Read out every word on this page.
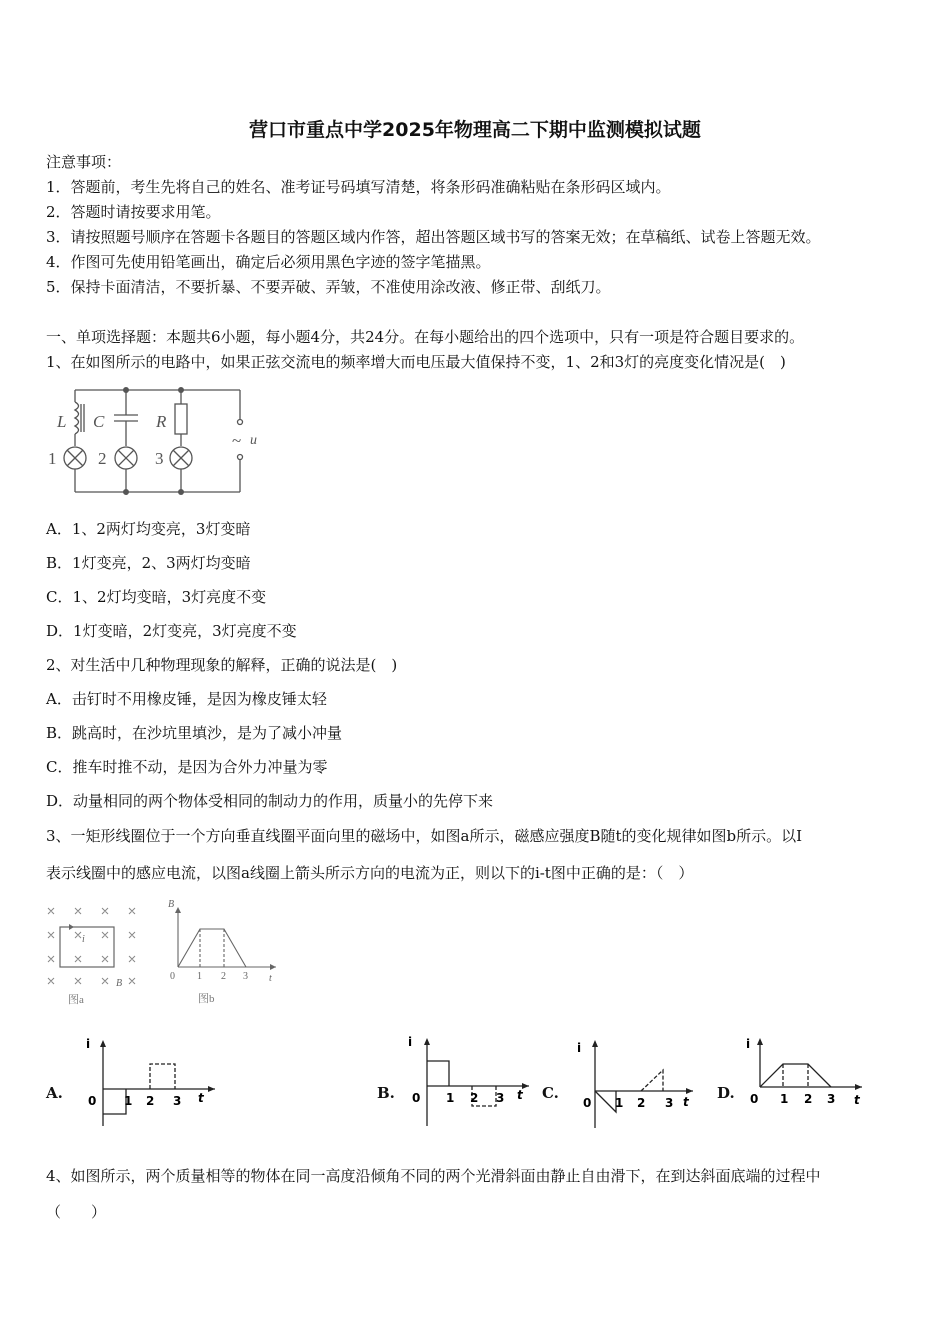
营口市重点中学2025年物理高二下期中监测模拟试题
注意事项：
1．答题前，考生先将自己的姓名、准考证号码填写清楚，将条形码准确粘贴在条形码区域内。
2．答题时请按要求用笔。
3．请按照题号顺序在答题卡各题目的答题区域内作答，超出答题区域书写的答案无效；在草稿纸、试卷上答题无效。
4．作图可先使用铅笔画出，确定后必须用黑色字迹的签字笔描黑。
5．保持卡面清洁，不要折暴、不要弄破、弄皱，不准使用涂改液、修正带、刮纸刀。
一、单项选择题：本题共6小题，每小题4分，共24分。在每小题给出的四个选项中，只有一项是符合题目要求的。
1、在如图所示的电路中，如果正弦交流电的频率增大而电压最大值保持不变，1、2和3灯的亮度变化情况是(　)
L C	R
1 2	3
~ u
A．1、2两灯均变亮，3灯变暗
B．1灯变亮，2、3两灯均变暗
C．1、2灯均变暗，3灯亮度不变
D．1灯变暗，2灯变亮，3灯亮度不变
2、对生活中几种物理现象的解释，正确的说法是(　)
A．击钉时不用橡皮锤，是因为橡皮锤太轻
B．跳高时，在沙坑里填沙，是为了减小冲量
C．推车时推不动，是因为合外力冲量为零
D．动量相同的两个物体受相同的制动力的作用，质量小的先停下来
3、一矩形线圈位于一个方向垂直线圈平面向里的磁场中，如图a所示，磁感应强度B随t的变化规律如图b所示。以I
表示线圈中的感应电流，以图a线圈上箭头所示方向的电流为正，则以下的i-t图中正确的是：（　）
i
B
图a
B
t
0 1 2 3
图b
A.
i
t
0 1 2 3	B.
i
t
0 1 2 3	C.
i
t
0 1 2 3
D.
i
t
0 1 2 3
4、如图所示，两个质量相等的物体在同一高度沿倾角不同的两个光滑斜面由静止自由滑下，在到达斜面底端的过程中
（　　）
